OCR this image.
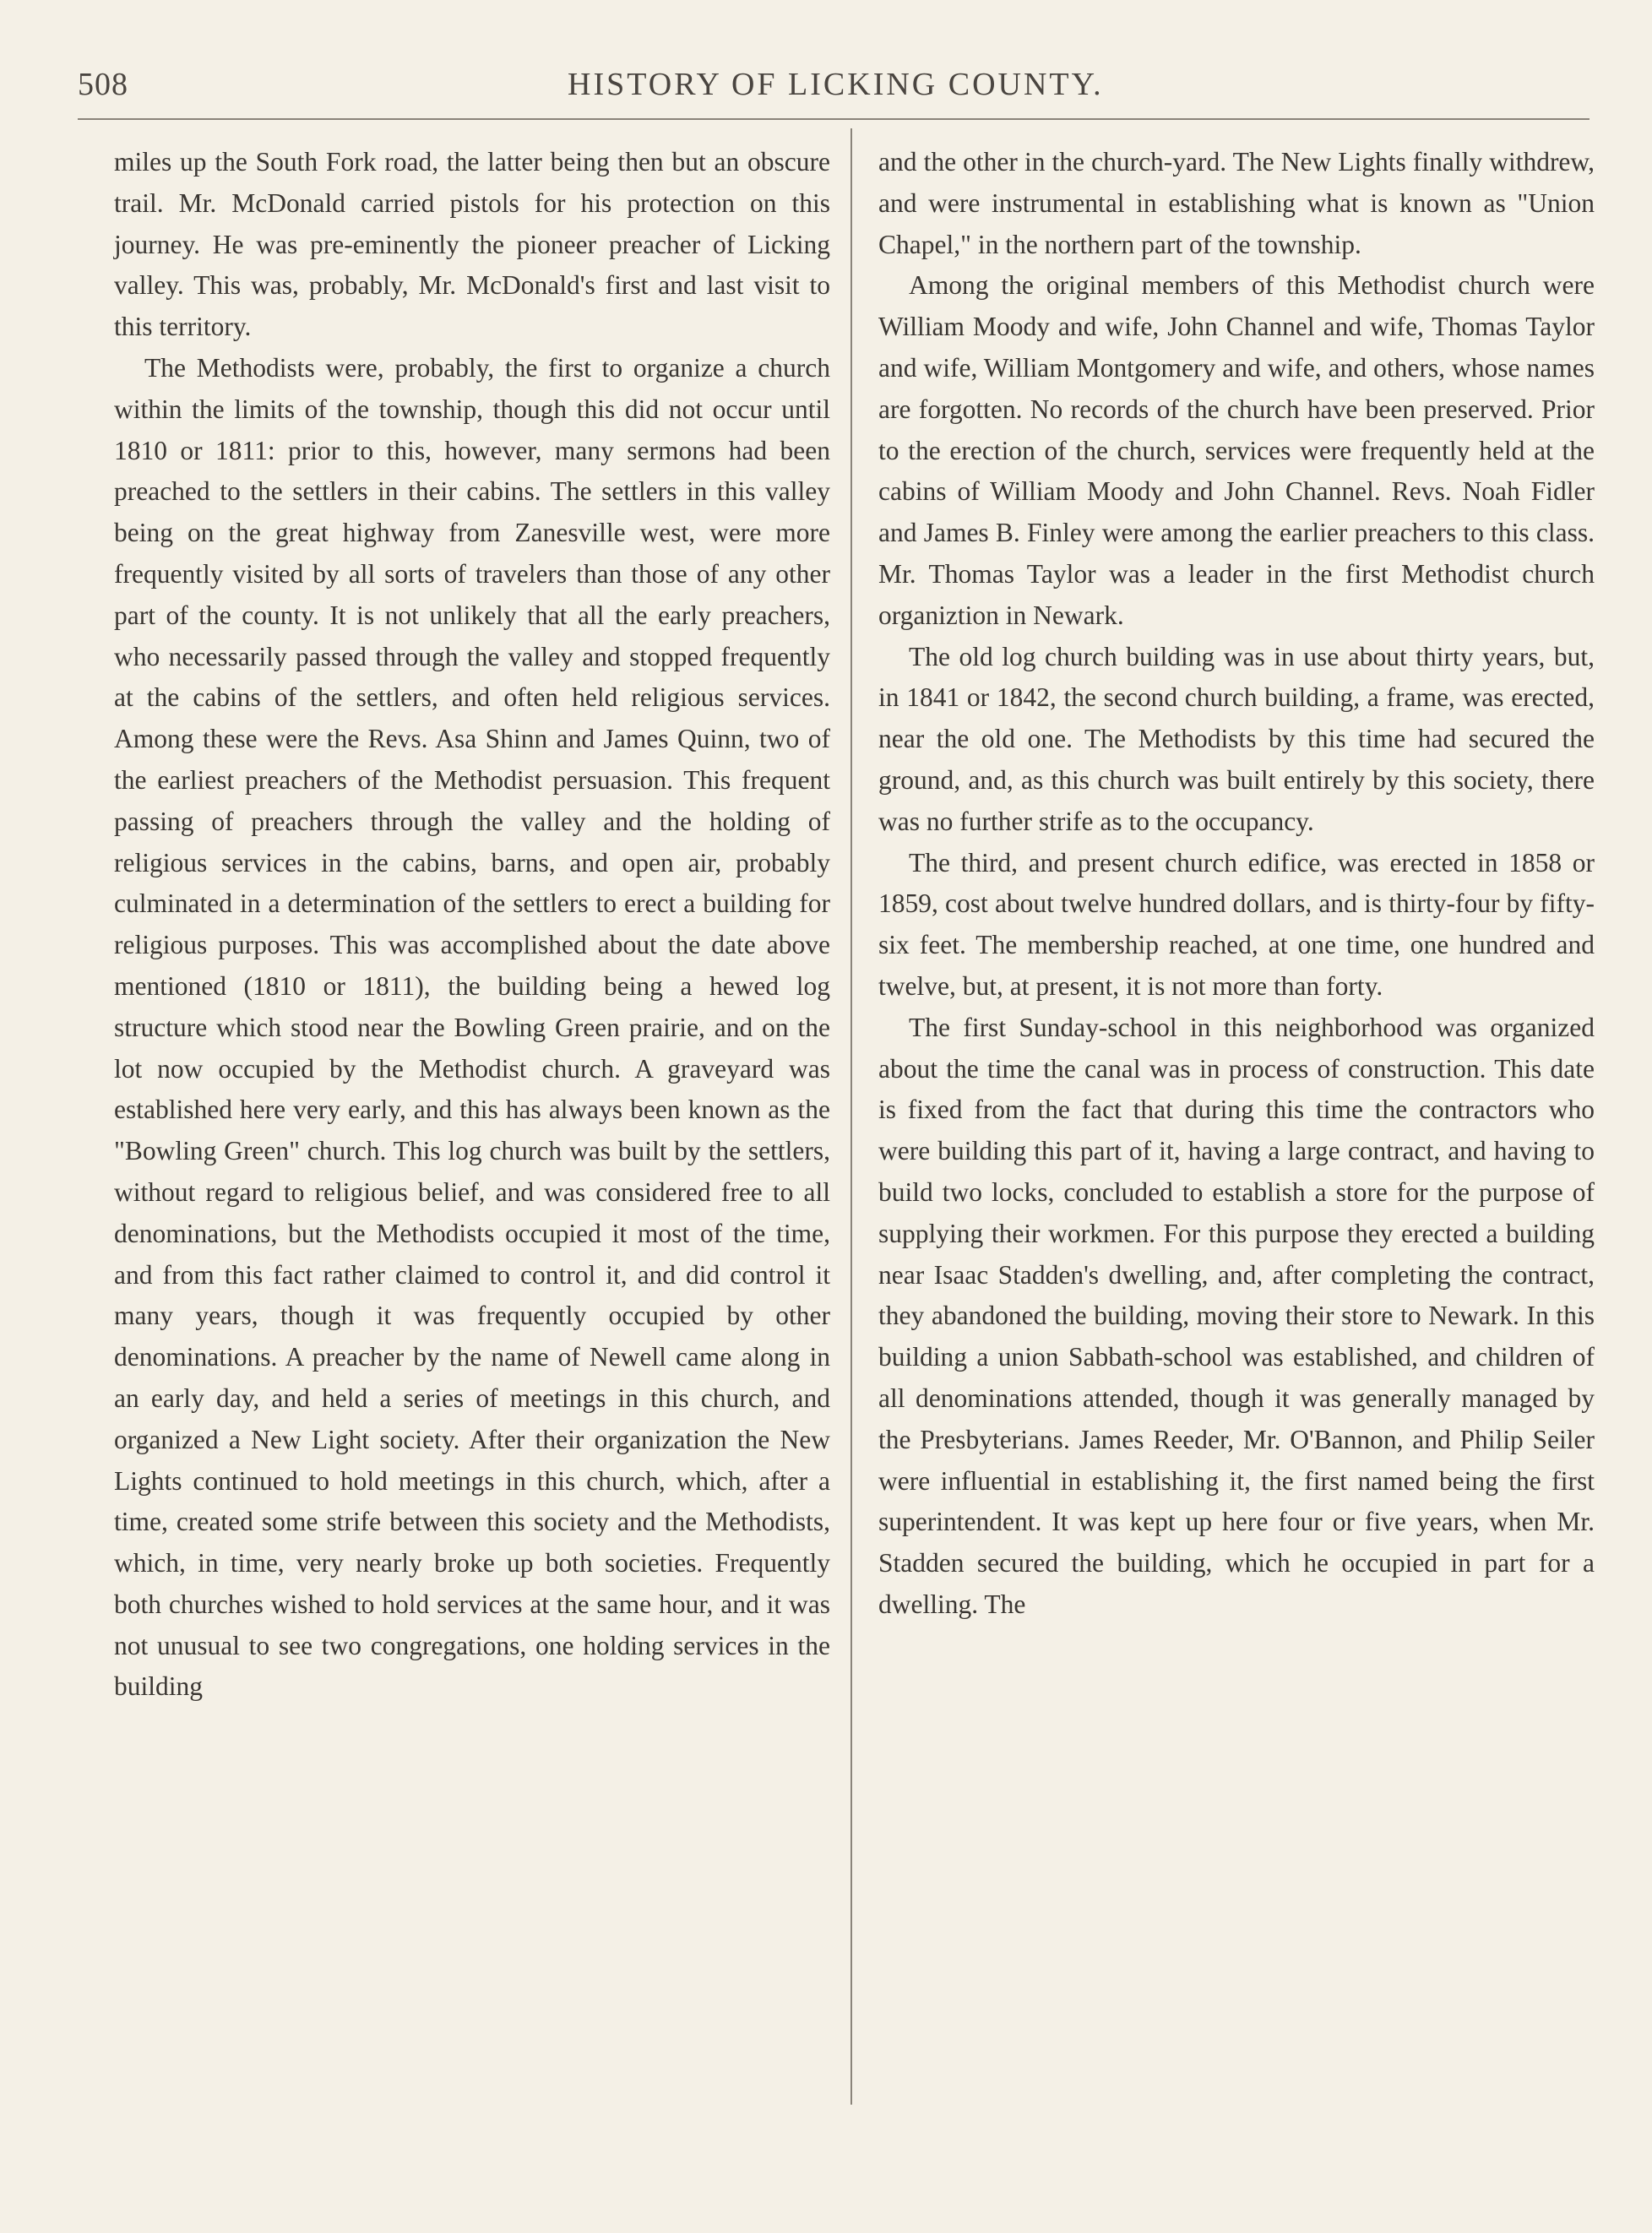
508	HISTORY OF LICKING COUNTY.

miles up the South Fork road, the latter being then but an obscure trail. Mr. McDonald carried pistols for his protection on this journey. He was pre-eminently the pioneer preacher of Licking valley. This was, probably, Mr. McDonald's first and last visit to this territory.

The Methodists were, probably, the first to organize a church within the limits of the township, though this did not occur until 1810 or 1811: prior to this, however, many sermons had been preached to the settlers in their cabins. The settlers in this valley being on the great highway from Zanesville west, were more frequently visited by all sorts of travelers than those of any other part of the county. It is not unlikely that all the early preachers, who necessarily passed through the valley and stopped frequently at the cabins of the settlers, and often held religious services. Among these were the Revs. Asa Shinn and James Quinn, two of the earliest preachers of the Methodist persuasion. This frequent passing of preachers through the valley and the holding of religious services in the cabins, barns, and open air, probably culminated in a determination of the settlers to erect a building for religious purposes. This was accomplished about the date above mentioned (1810 or 1811), the building being a hewed log structure which stood near the Bowling Green prairie, and on the lot now occupied by the Methodist church. A graveyard was established here very early, and this has always been known as the "Bowling Green" church. This log church was built by the settlers, without regard to religious belief, and was considered free to all denominations, but the Methodists occupied it most of the time, and from this fact rather claimed to control it, and did control it many years, though it was frequently occupied by other denominations. A preacher by the name of Newell came along in an early day, and held a series of meetings in this church, and organized a New Light society. After their organization the New Lights continued to hold meetings in this church, which, after a time, created some strife between this society and the Methodists, which, in time, very nearly broke up both societies. Frequently both churches wished to hold services at the same hour, and it was not unusual to see two congregations, one holding services in the building

and the other in the church-yard. The New Lights finally withdrew, and were instrumental in establishing what is known as "Union Chapel," in the northern part of the township.

Among the original members of this Methodist church were William Moody and wife, John Channel and wife, Thomas Taylor and wife, William Montgomery and wife, and others, whose names are forgotten. No records of the church have been preserved. Prior to the erection of the church, services were frequently held at the cabins of William Moody and John Channel. Revs. Noah Fidler and James B. Finley were among the earlier preachers to this class. Mr. Thomas Taylor was a leader in the first Methodist church organiztion in Newark.

The old log church building was in use about thirty years, but, in 1841 or 1842, the second church building, a frame, was erected, near the old one. The Methodists by this time had secured the ground, and, as this church was built entirely by this society, there was no further strife as to the occupancy.

The third, and present church edifice, was erected in 1858 or 1859, cost about twelve hundred dollars, and is thirty-four by fifty-six feet. The membership reached, at one time, one hundred and twelve, but, at present, it is not more than forty.

The first Sunday-school in this neighborhood was organized about the time the canal was in process of construction. This date is fixed from the fact that during this time the contractors who were building this part of it, having a large contract, and having to build two locks, concluded to establish a store for the purpose of supplying their workmen. For this purpose they erected a building near Isaac Stadden's dwelling, and, after completing the contract, they abandoned the building, moving their store to Newark. In this building a union Sabbath-school was established, and children of all denominations attended, though it was generally managed by the Presbyterians. James Reeder, Mr. O'Bannon, and Philip Seiler were influential in establishing it, the first named being the first superintendent. It was kept up here four or five years, when Mr. Stadden secured the building, which he occupied in part for a dwelling. The
